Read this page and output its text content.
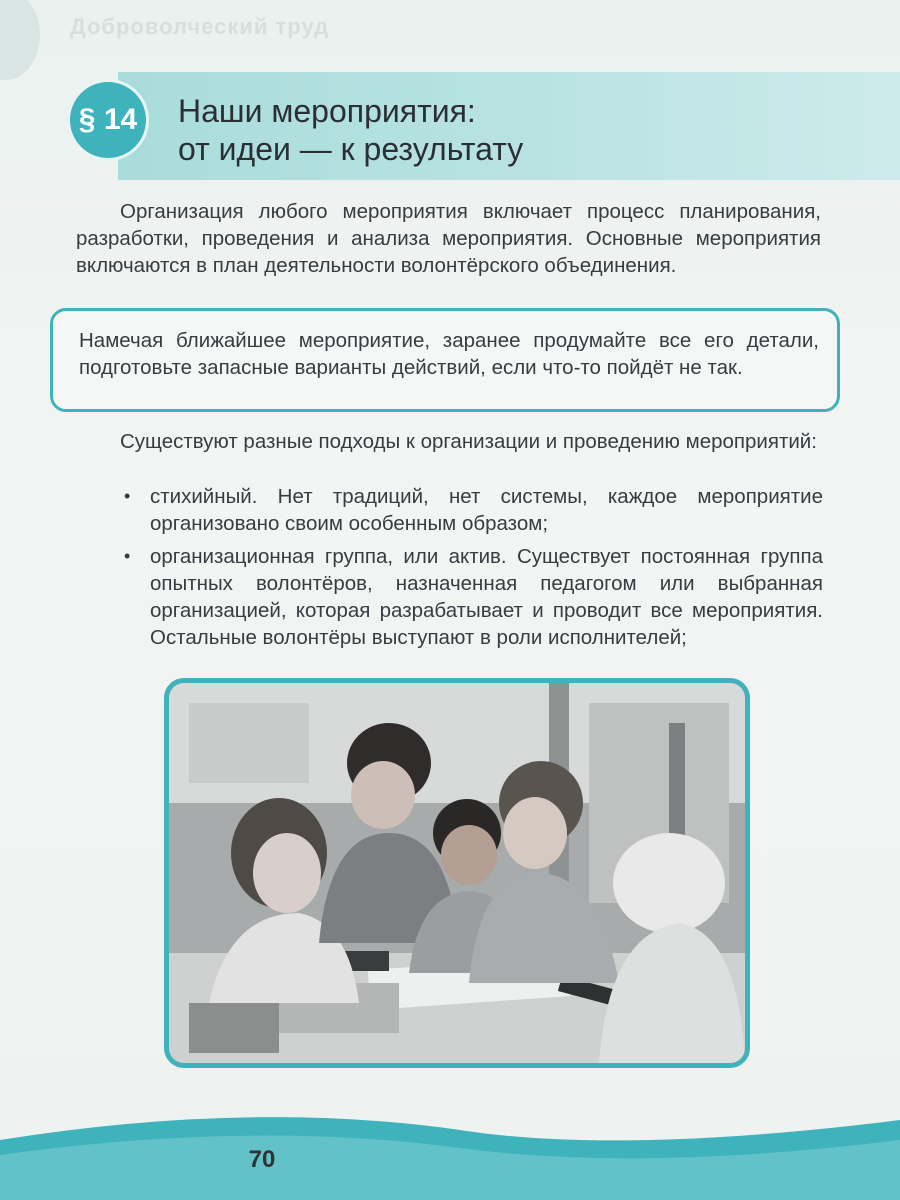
Доброволческий труд
§ 14 Наши мероприятия:
от идеи — к результату

Организация любого мероприятия включает процесс планирования, разработки, проведения и анализа мероприятия. Основные мероприятия включаются в план деятельности волонтёрского объединения.

Намечая ближайшее мероприятие, заранее продумайте все его детали, подготовьте запасные варианты действий, если что-то пойдёт не так.

Существуют разные подходы к организации и проведению мероприятий:

• стихийный. Нет традиций, нет системы, каждое мероприятие организовано своим особенным образом;
• организационная группа, или актив. Существует постоянная группа опытных волонтёров, назначенная педагогом или выбранная организацией, которая разрабатывает и проводит все мероприятия. Остальные волонтёры выступают в роли исполнителей;
70
